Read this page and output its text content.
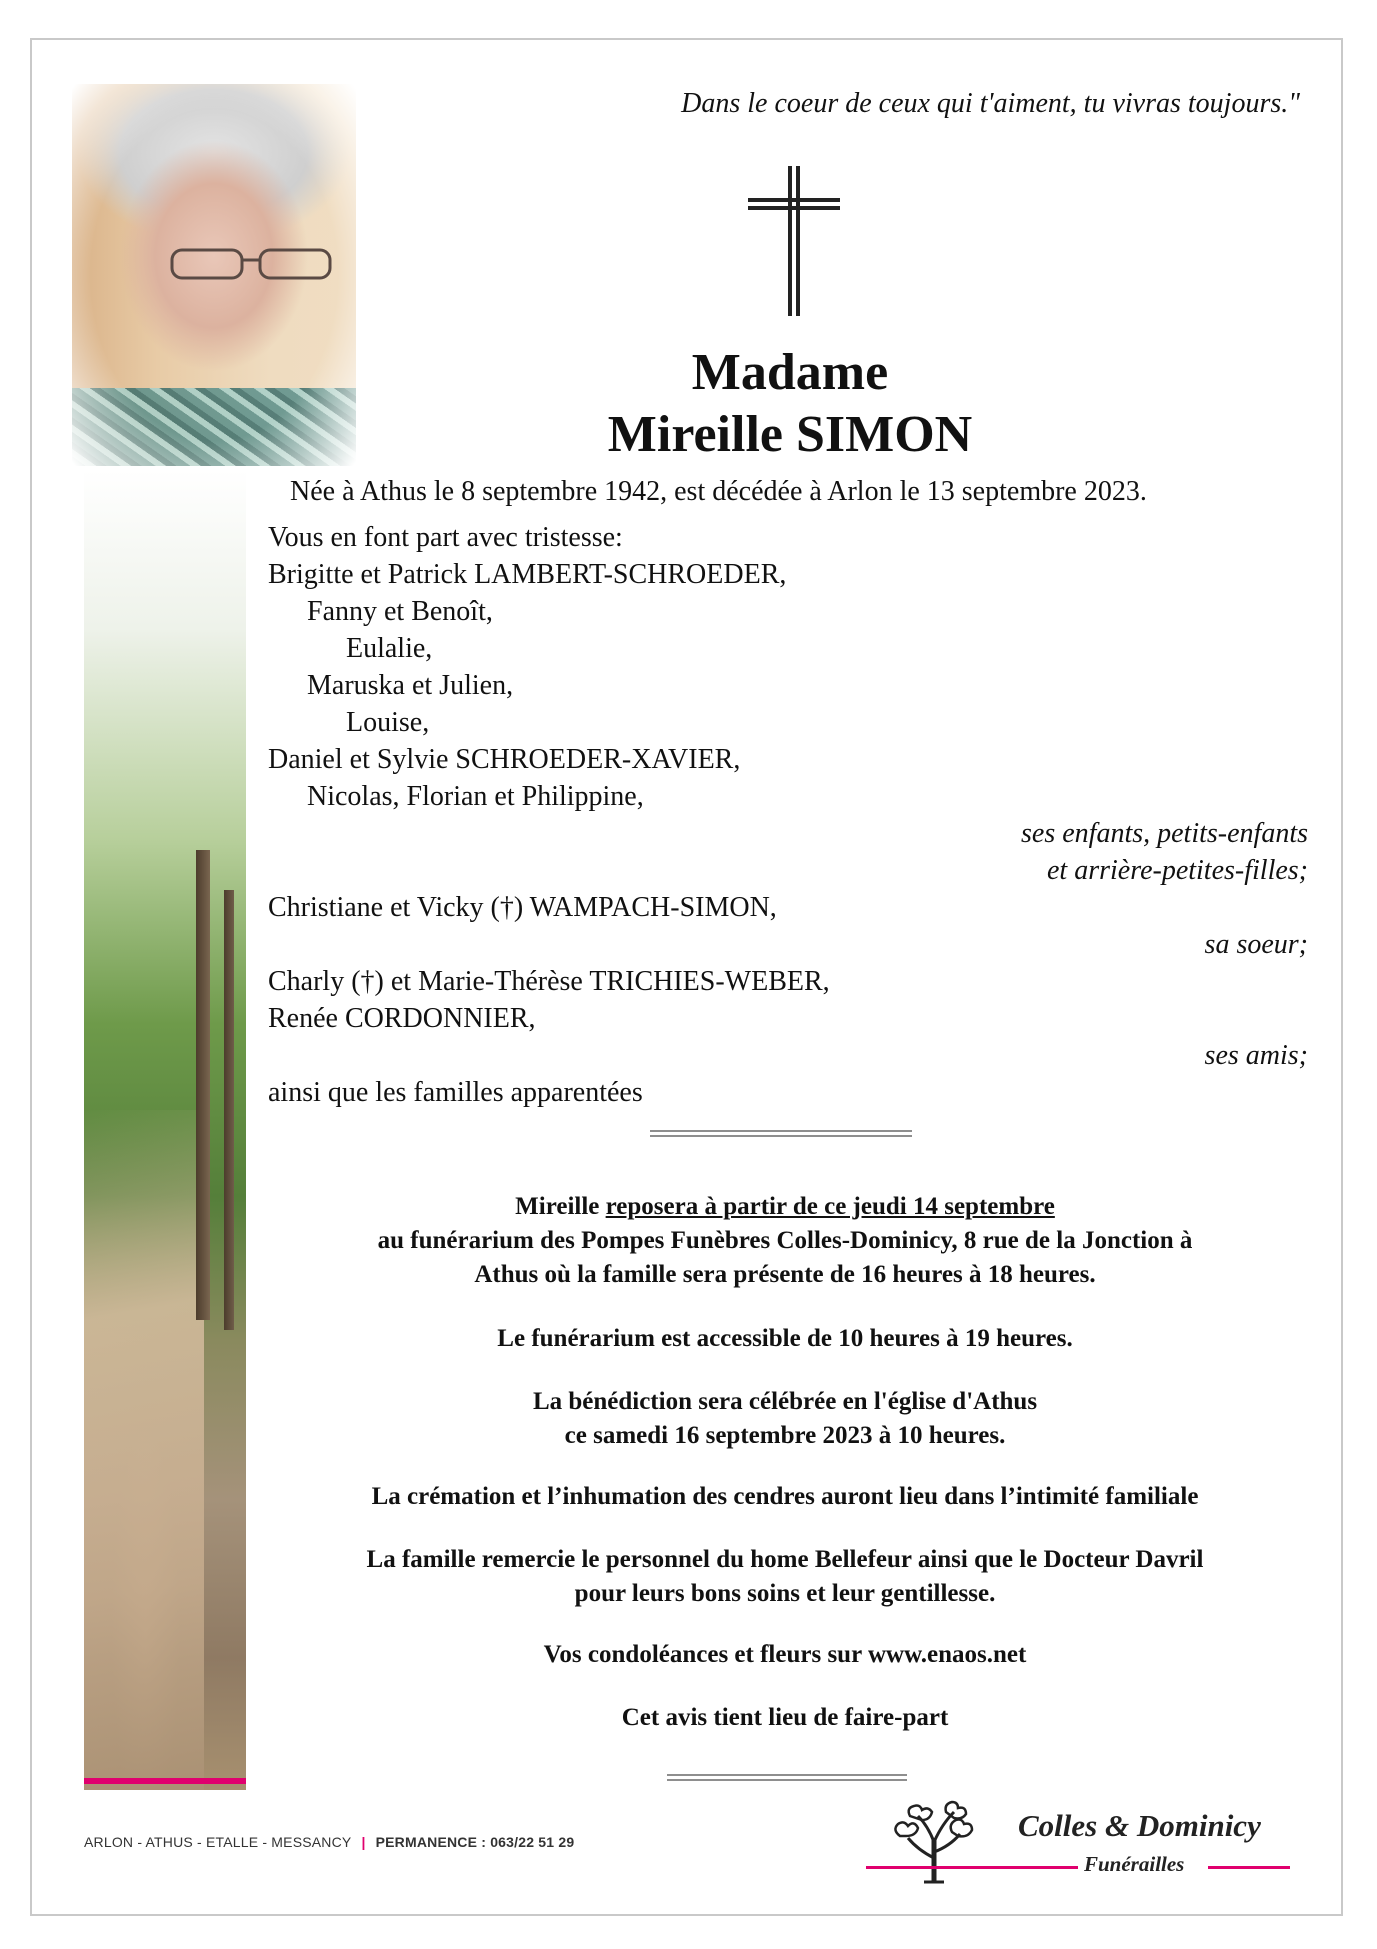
Dans le coeur de ceux qui t'aiment, tu vivras toujours."
Madame
Mireille SIMON
Née à Athus le 8 septembre 1942, est décédée à Arlon le 13 septembre 2023.
Vous en font part avec tristesse:
Brigitte et Patrick LAMBERT-SCHROEDER,
Fanny et Benoît,
Eulalie,
Maruska et Julien,
Louise,
Daniel et Sylvie SCHROEDER-XAVIER,
Nicolas, Florian et Philippine,
ses enfants, petits-enfants
et arrière-petites-filles;
Christiane et Vicky (†) WAMPACH-SIMON,
sa soeur;
Charly (†) et Marie-Thérèse TRICHIES-WEBER,
Renée CORDONNIER,
ses amis;
ainsi que les familles apparentées
Mireille reposera à partir de ce jeudi 14 septembre
au funérarium des Pompes Funèbres Colles-Dominicy, 8 rue de la Jonction à
Athus où la famille sera présente de 16 heures à 18 heures.
Le funérarium est accessible de 10 heures à 19 heures.
La bénédiction sera célébrée en l'église d'Athus
ce samedi 16 septembre 2023 à 10 heures.
La crémation et l’inhumation des cendres auront lieu dans l’intimité familiale
La famille remercie le personnel du home Bellefeur ainsi que le Docteur Davril
pour leurs bons soins et leur gentillesse.
Vos condoléances et fleurs sur www.enaos.net
Cet avis tient lieu de faire-part
ARLON - ATHUS - ETALLE - MESSANCY | PERMANENCE : 063/22 51 29	Colles & Dominicy
Funérailles
